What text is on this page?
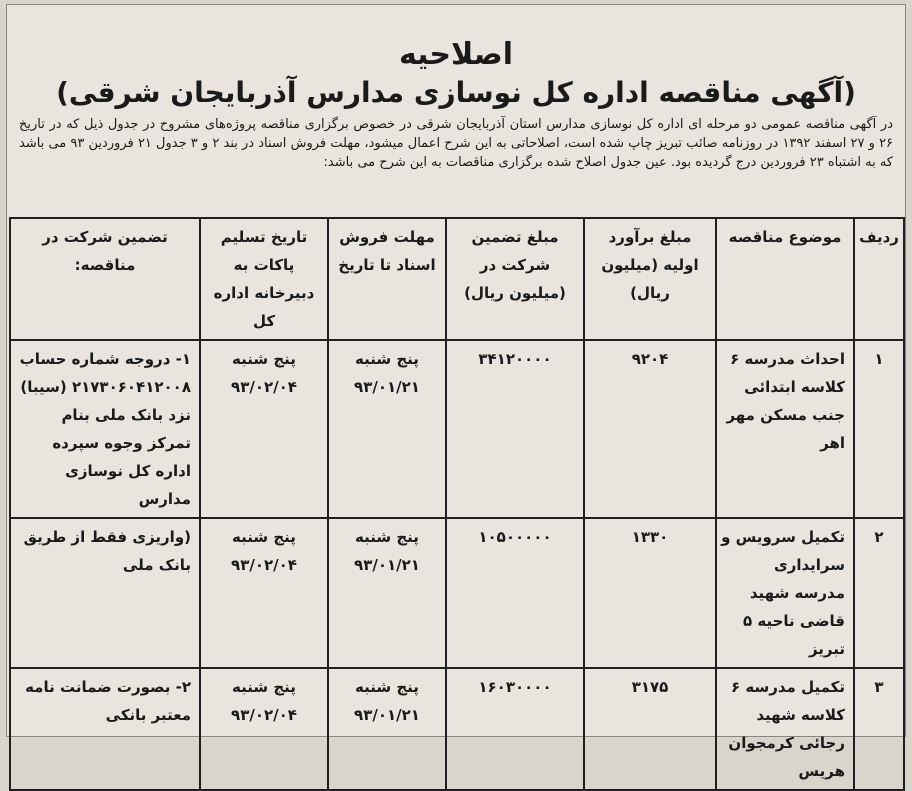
اصلاحیه
(آگهی مناقصه اداره کل نوسازی مدارس آذربایجان شرقی)
در آگهی مناقصه عمومی دو مرحله ای اداره کل نوسازی مدارس استان آذربایجان شرقی در خصوص برگزاری مناقصه پروژه‌های مشروح در جدول ذیل که در تاریخ ۲۶ و ۲۷ اسفند ۱۳۹۲ در روزنامه صائب تبریز چاپ شده است، اصلاحاتی به این شرح اعمال میشود، مهلت فروش اسناد در بند ۲ و ۳ جدول ۲۱ فروردین ۹۳ می باشد که به اشتباه ۲۳ فروردین درج گردیده بود. عین جدول اصلاح شده برگزاری مناقصات به این شرح می باشد:
ردیف	موضوع مناقصه	مبلغ برآورد اولیه (میلیون ریال)	مبلغ تضمین شرکت در (میلیون ریال)	مهلت فروش اسناد تا تاریخ	تاریخ تسلیم پاکات به دبیرخانه اداره کل	تضمین شرکت در مناقصه:
۱	احداث مدرسه ۶ کلاسه ابتدائی جنب مسکن مهر اهر	۹۲۰۴	۳۴۱۲۰۰۰۰	پنج شنبه ۹۳/۰۱/۲۱	پنج شنبه ۹۳/۰۲/۰۴	۱- دروجه شماره حساب ۲۱۷۳۰۶۰۴۱۲۰۰۸ (سیبا) نزد بانک ملی بنام تمرکز وجوه سپرده اداره کل نوسازی مدارس
۲	تکمیل سرویس و سرایداری مدرسه شهید قاضی ناحیه ۵ تبریز	۱۳۳۰	۱۰۵۰۰۰۰۰	پنج شنبه ۹۳/۰۱/۲۱	پنج شنبه ۹۳/۰۲/۰۴	(واریزی فقط از طریق بانک ملی
۳	تکمیل مدرسه ۶ کلاسه شهید رجائی کرمجوان هریس	۳۱۷۵	۱۶۰۳۰۰۰۰	پنج شنبه ۹۳/۰۱/۲۱	پنج شنبه ۹۳/۰۲/۰۴	۲- بصورت ضمانت نامه معتبر بانکی
